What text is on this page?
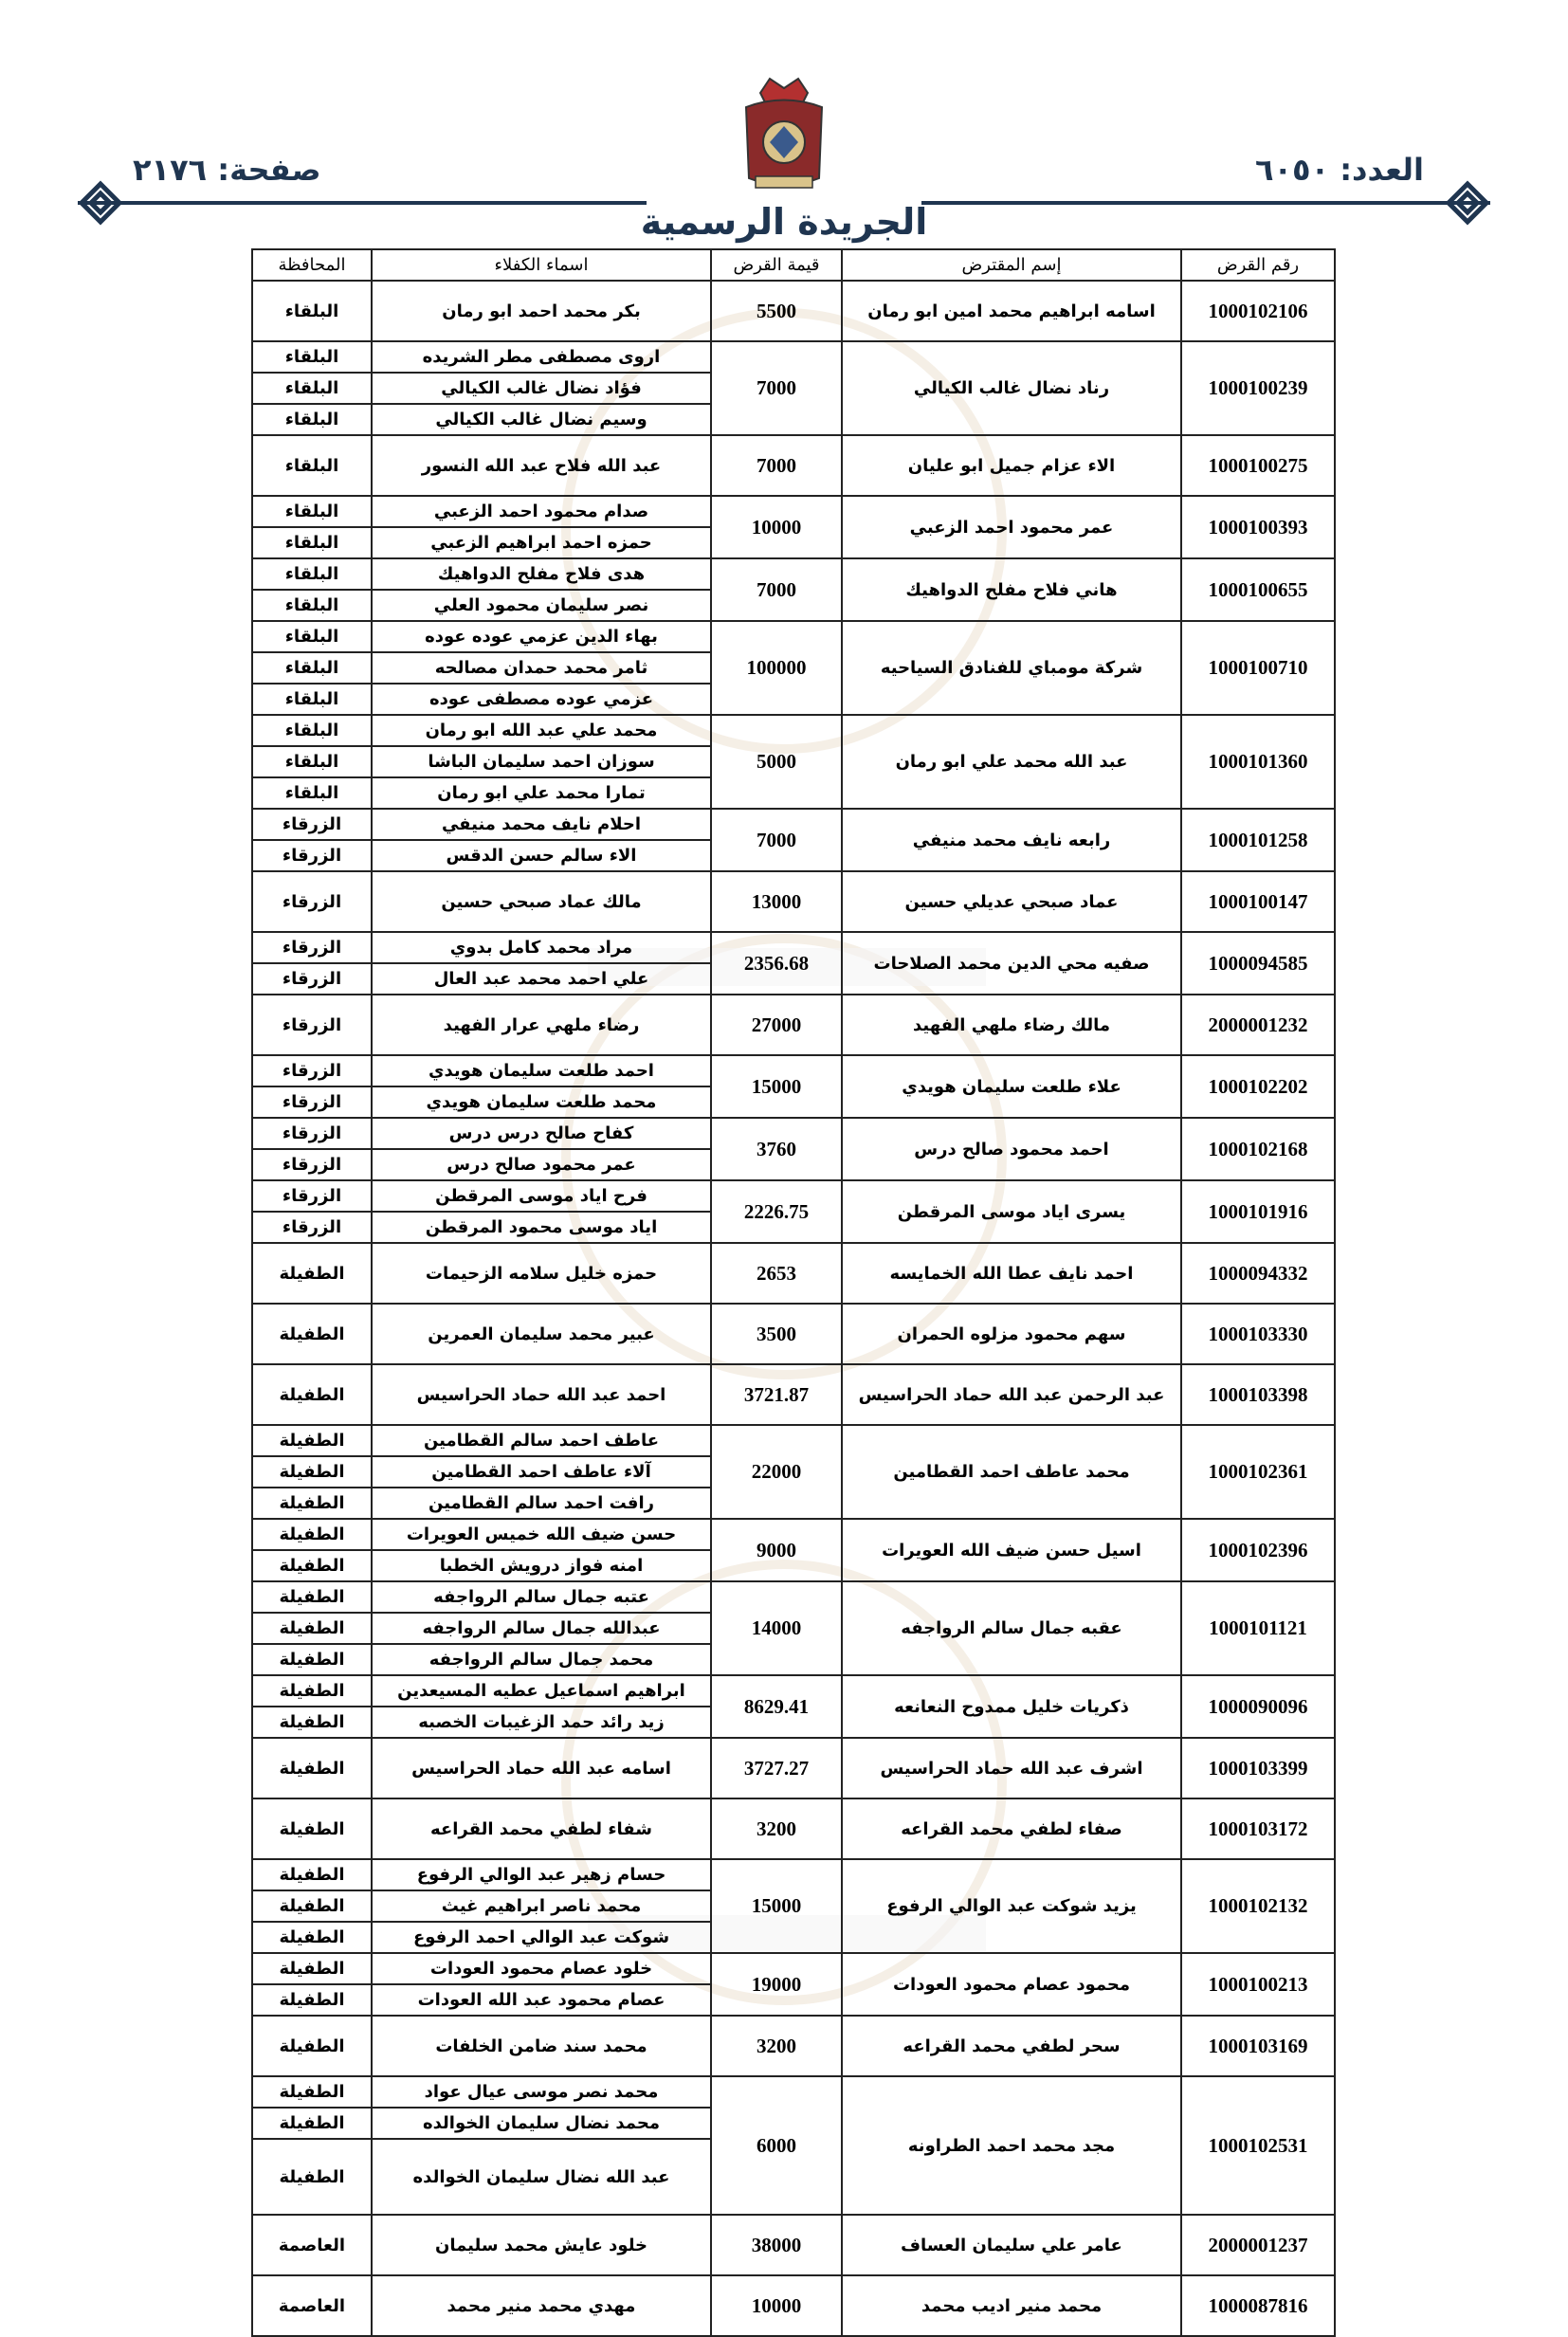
العدد: ٦٠٥٠
صفحة: ٢١٧٦
الجريدة الرسمية
رقم القرض	إسم المقترض	قيمة القرض	اسماء الكفلاء	المحافظة
1000102106	اسامه ابراهيم محمد امين ابو رمان	5500	بكر محمد احمد ابو رمان	البلقاء
1000100239	رناد نضال غالب الكيالي	7000	اروى مصطفى مطر الشريده	البلقاء
			فؤاد نضال غالب الكيالي	البلقاء
			وسيم نضال غالب الكيالي	البلقاء
1000100275	الاء عزام جميل ابو عليان	7000	عبد الله فلاح عبد الله النسور	البلقاء
1000100393	عمر محمود احمد الزعبي	10000	صدام محمود احمد الزعبي	البلقاء
			حمزه احمد ابراهيم الزعبي	البلقاء
1000100655	هاني فلاح مفلح الدواهيك	7000	هدى فلاح مفلح الدواهيك	البلقاء
			نصر سليمان محمود العلي	البلقاء
1000100710	شركة مومباي للفنادق السياحيه	100000	بهاء الدين عزمي عوده عوده	البلقاء
			ثامر محمد حمدان مصالحه	البلقاء
			عزمي عوده مصطفى عوده	البلقاء
1000101360	عبد الله محمد علي ابو رمان	5000	محمد علي عبد الله ابو رمان	البلقاء
			سوزان احمد سليمان الباشا	البلقاء
			تمارا محمد علي ابو رمان	البلقاء
1000101258	رابعه نايف محمد منيفي	7000	احلام نايف محمد منيفي	الزرقاء
			الاء سالم حسن الدقس	الزرقاء
1000100147	عماد صبحي عديلي حسين	13000	مالك عماد صبحي حسين	الزرقاء
1000094585	صفيه محي الدين محمد الصلاحات	2356.68	مراد محمد كامل بدوي	الزرقاء
			علي احمد محمد عبد العال	الزرقاء
2000001232	مالك رضاء ملهي الفهيد	27000	رضاء ملهي عرار الفهيد	الزرقاء
1000102202	علاء طلعت سليمان هويدي	15000	احمد طلعت سليمان هويدي	الزرقاء
			محمد طلعت سليمان هويدي	الزرقاء
1000102168	احمد محمود صالح درس	3760	كفاح صالح درس درس	الزرقاء
			عمر محمود صالح درس	الزرقاء
1000101916	يسرى اياد موسى المرقطن	2226.75	فرح اياد موسى المرقطن	الزرقاء
			اياد موسى محمود المرقطن	الزرقاء
1000094332	احمد نايف عطا الله الخمايسه	2653	حمزه خليل سلامه الزحيمات	الطفيلة
1000103330	سهم محمود مزلوه الحمران	3500	عبير محمد سليمان العمرين	الطفيلة
1000103398	عبد الرحمن عبد الله حماد الحراسيس	3721.87	احمد عبد الله حماد الحراسيس	الطفيلة
1000102361	محمد عاطف احمد القطامين	22000	عاطف احمد سالم القطامين	الطفيلة
			آلاء عاطف احمد القطامين	الطفيلة
			رافت احمد سالم القطامين	الطفيلة
1000102396	اسيل حسن ضيف الله العويرات	9000	حسن ضيف الله خميس العويرات	الطفيلة
			امنه فواز درويش الخطبا	الطفيلة
1000101121	عقبه جمال سالم الرواجفه	14000	عتبه جمال سالم الرواجفه	الطفيلة
			عبدالله جمال سالم الرواجفه	الطفيلة
			محمد جمال سالم الرواجفه	الطفيلة
1000090096	ذكريات خليل ممدوح النعانعه	8629.41	ابراهيم اسماعيل عطيه المسيعدين	الطفيلة
			زيد رائد حمد الزغيبات الخصبه	الطفيلة
1000103399	اشرف عبد الله حماد الحراسيس	3727.27	اسامه عبد الله حماد الحراسيس	الطفيلة
1000103172	صفاء لطفي محمد القراعه	3200	شفاء لطفي محمد القراعه	الطفيلة
1000102132	يزيد شوكت عبد الوالي الرفوع	15000	حسام زهير عبد الوالي الرفوع	الطفيلة
			محمد ناصر ابراهيم غيث	الطفيلة
			شوكت عبد الوالي احمد الرفوع	الطفيلة
1000100213	محمود عصام محمود العودات	19000	خلود عصام محمود العودات	الطفيلة
			عصام محمود عبد الله العودات	الطفيلة
1000103169	سحر لطفي محمد القراعه	3200	محمد سند ضامن الخلفات	الطفيلة
1000102531	مجد محمد احمد الطراونه	6000	محمد نصر موسى عيال عواد	الطفيلة
			محمد نضال سليمان الخوالده	الطفيلة
			عبد الله نضال سليمان الخوالده	الطفيلة
2000001237	عامر علي سليمان العساف	38000	خلود عايش محمد سليمان	العاصمة
1000087816	محمد منير اديب محمد	10000	مهدي محمد منير محمد	العاصمة
